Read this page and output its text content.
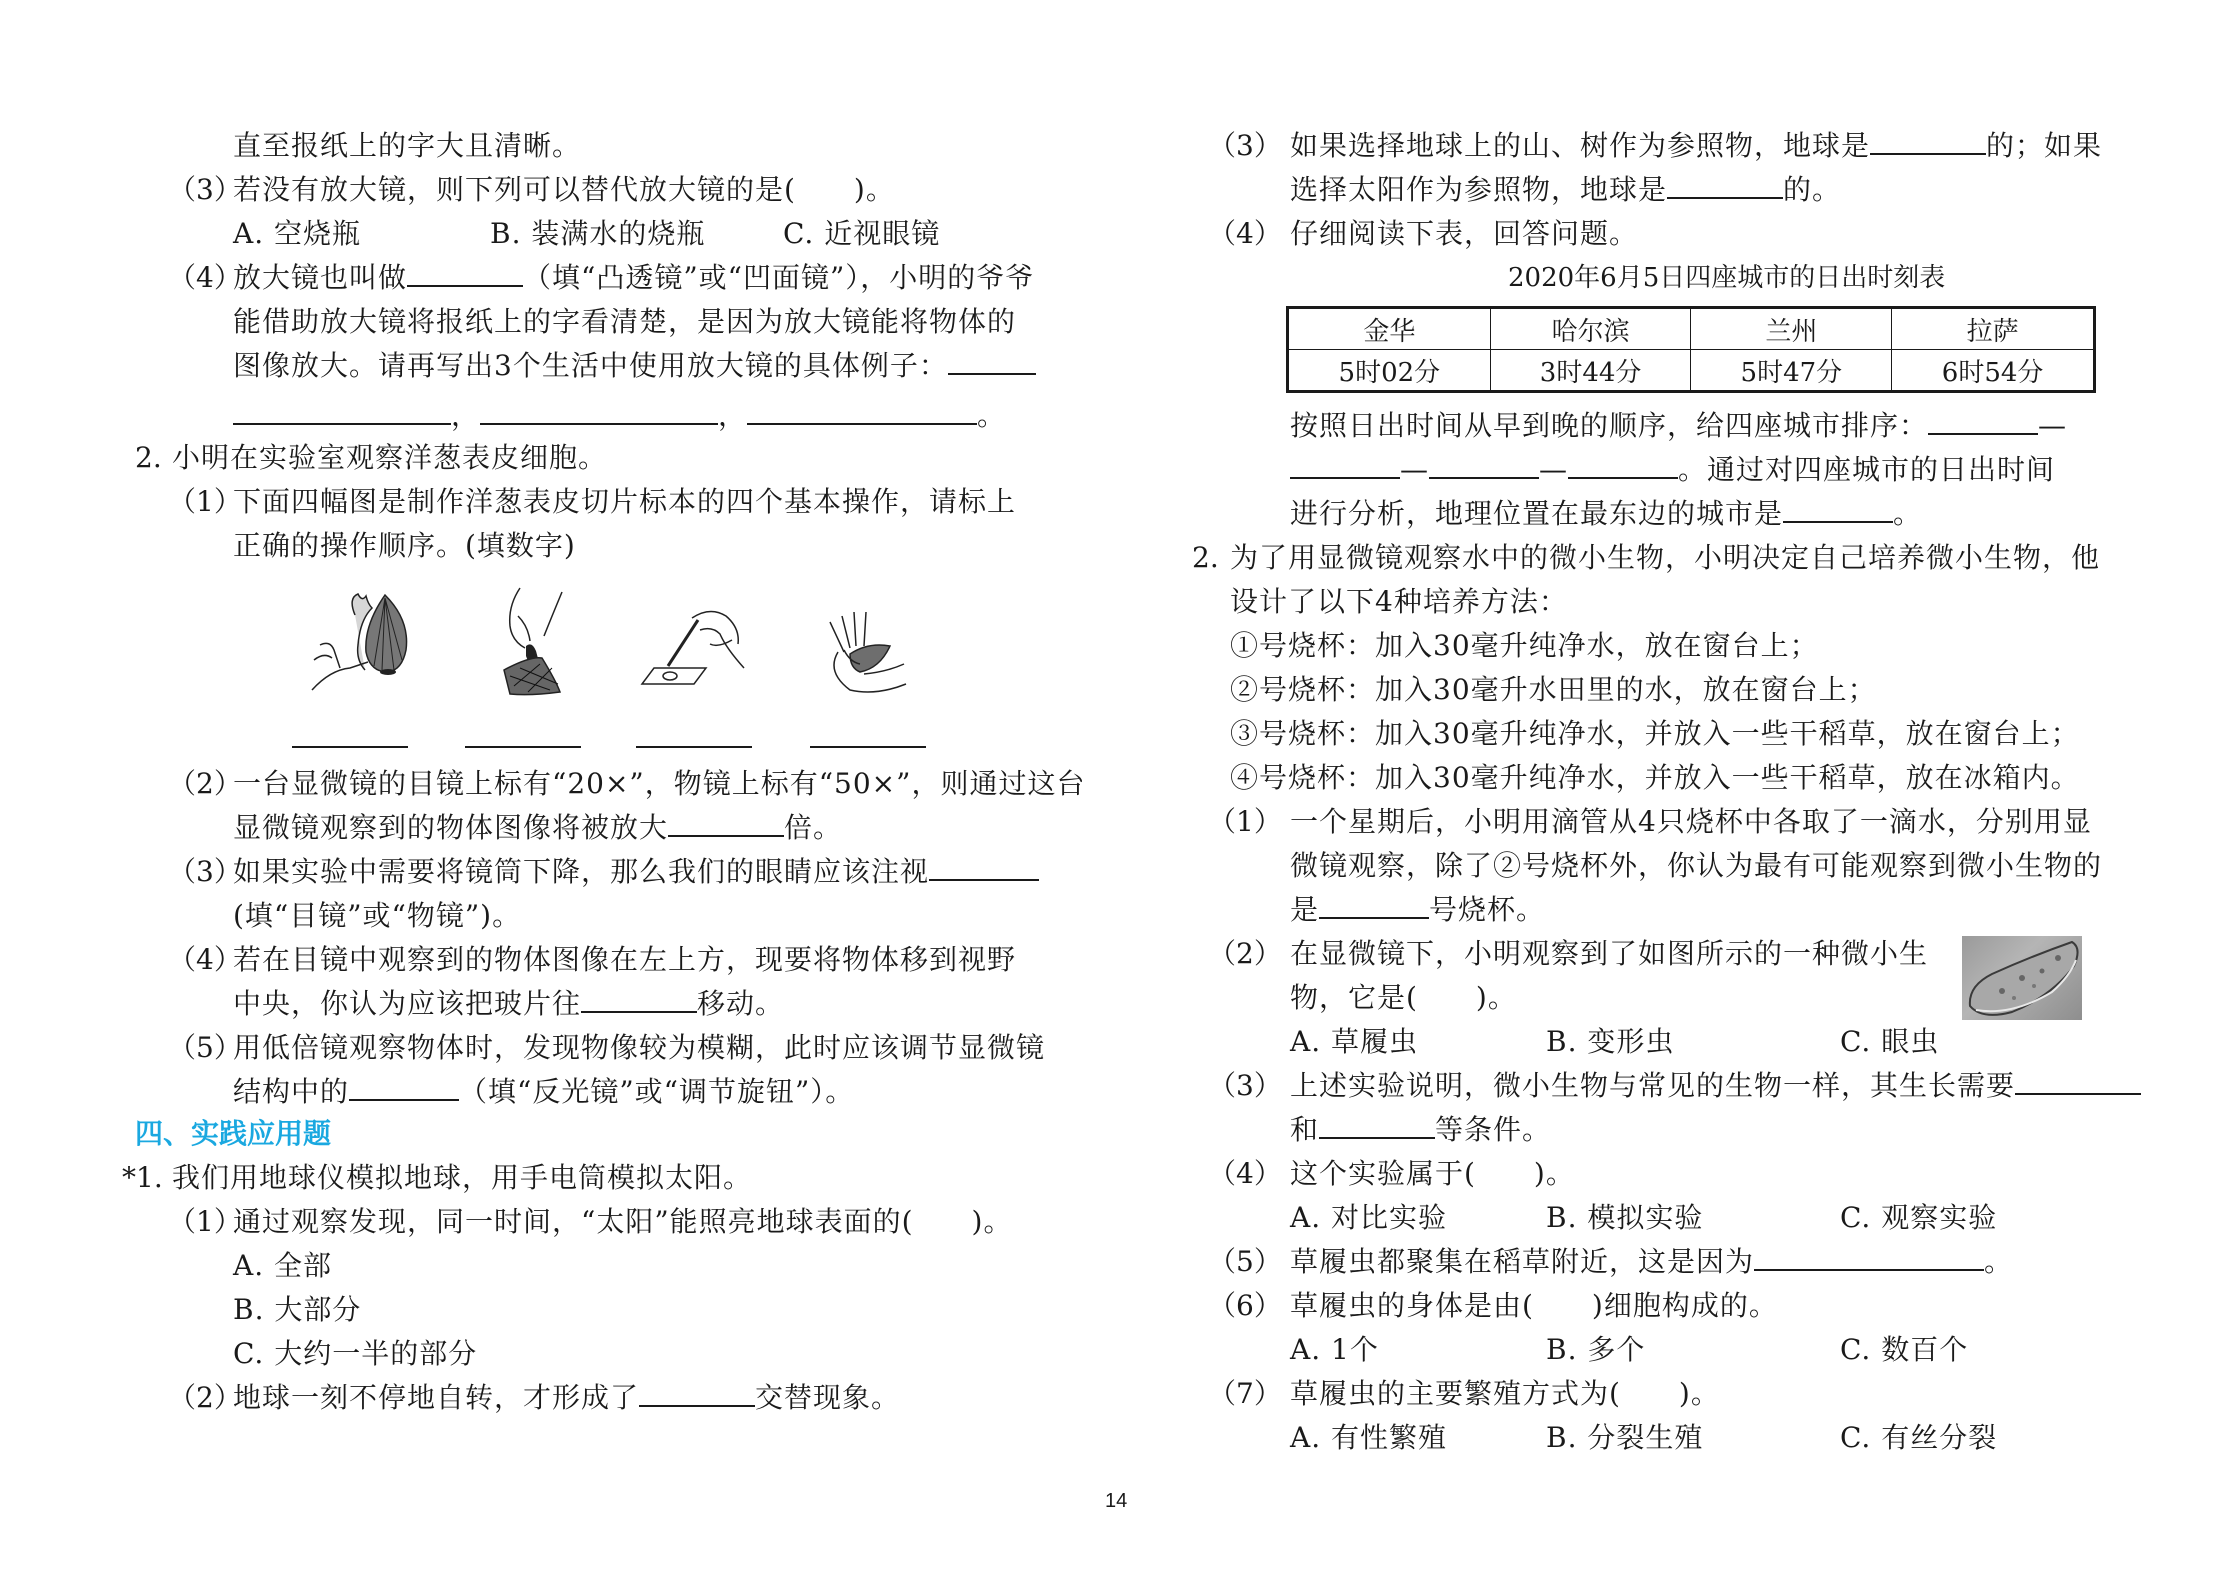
直至报纸上的字大且清晰。
（3）
若没有放大镜，则下列可以替代放大镜的是(　　)。
A. 空烧瓶	B. 装满水的烧瓶	C. 近视眼镜
（4）
放大镜也叫做	（填“凸透镜”或“凹面镜”），小明的爷爷
能借助放大镜将报纸上的字看清楚，是因为放大镜能将物体的
图像放大。请再写出3个生活中使用放大镜的具体例子：
，	，	。
2. 小明在实验室观察洋葱表皮细胞。
（1）
下面四幅图是制作洋葱表皮切片标本的四个基本操作，请标上
正确的操作顺序。(填数字)
（2）
一台显微镜的目镜上标有“20×”，物镜上标有“50×”，则通过这台
显微镜观察到的物体图像将被放大	倍。
（3）
如果实验中需要将镜筒下降，那么我们的眼睛应该注视
(填“目镜”或“物镜”)。
（4）
若在目镜中观察到的物体图像在左上方，现要将物体移到视野
中央，你认为应该把玻片往	移动。
（5）
用低倍镜观察物体时，发现物像较为模糊，此时应该调节显微镜
结构中的	（填“反光镜”或“调节旋钮”）。
四、实践应用题
*1. 我们用地球仪模拟地球，用手电筒模拟太阳。
（1）
通过观察发现，同一时间，“太阳”能照亮地球表面的(　　)。
A. 全部
B. 大部分
C. 大约一半的部分
（2）
地球一刻不停地自转，才形成了	交替现象。
（3） 如果选择地球上的山、树作为参照物，地球是	的；如果
选择太阳作为参照物，地球是	的。
（4） 仔细阅读下表，回答问题。
2020年6月5日四座城市的日出时刻表
金华	哈尔滨	兰州	拉萨
5时02分	3时44分	5时47分	6时54分
按照日出时间从早到晚的顺序，给四座城市排序：	—
—	—	。通过对四座城市的日出时间
进行分析，地理位置在最东边的城市是	。
2. 为了用显微镜观察水中的微小生物，小明决定自己培养微小生物，他
设计了以下4种培养方法：
①号烧杯：加入30毫升纯净水，放在窗台上；
②号烧杯：加入30毫升水田里的水，放在窗台上；
③号烧杯：加入30毫升纯净水，并放入一些干稻草，放在窗台上；
④号烧杯：加入30毫升纯净水，并放入一些干稻草，放在冰箱内。
（1） 一个星期后，小明用滴管从4只烧杯中各取了一滴水，分别用显
微镜观察，除了②号烧杯外，你认为最有可能观察到微小生物的
是	号烧杯。
（2） 在显微镜下，小明观察到了如图所示的一种微小生
物，它是(　　)。
A. 草履虫	B. 变形虫	C. 眼虫
（3） 上述实验说明，微小生物与常见的生物一样，其生长需要
和	等条件。
（4） 这个实验属于(　　)。
A. 对比实验	B. 模拟实验	C. 观察实验
（5） 草履虫都聚集在稻草附近，这是因为	。
（6） 草履虫的身体是由(　　)细胞构成的。
A. 1个	B. 多个	C. 数百个
（7） 草履虫的主要繁殖方式为(　　)。
A. 有性繁殖	B. 分裂生殖	C. 有丝分裂
14
